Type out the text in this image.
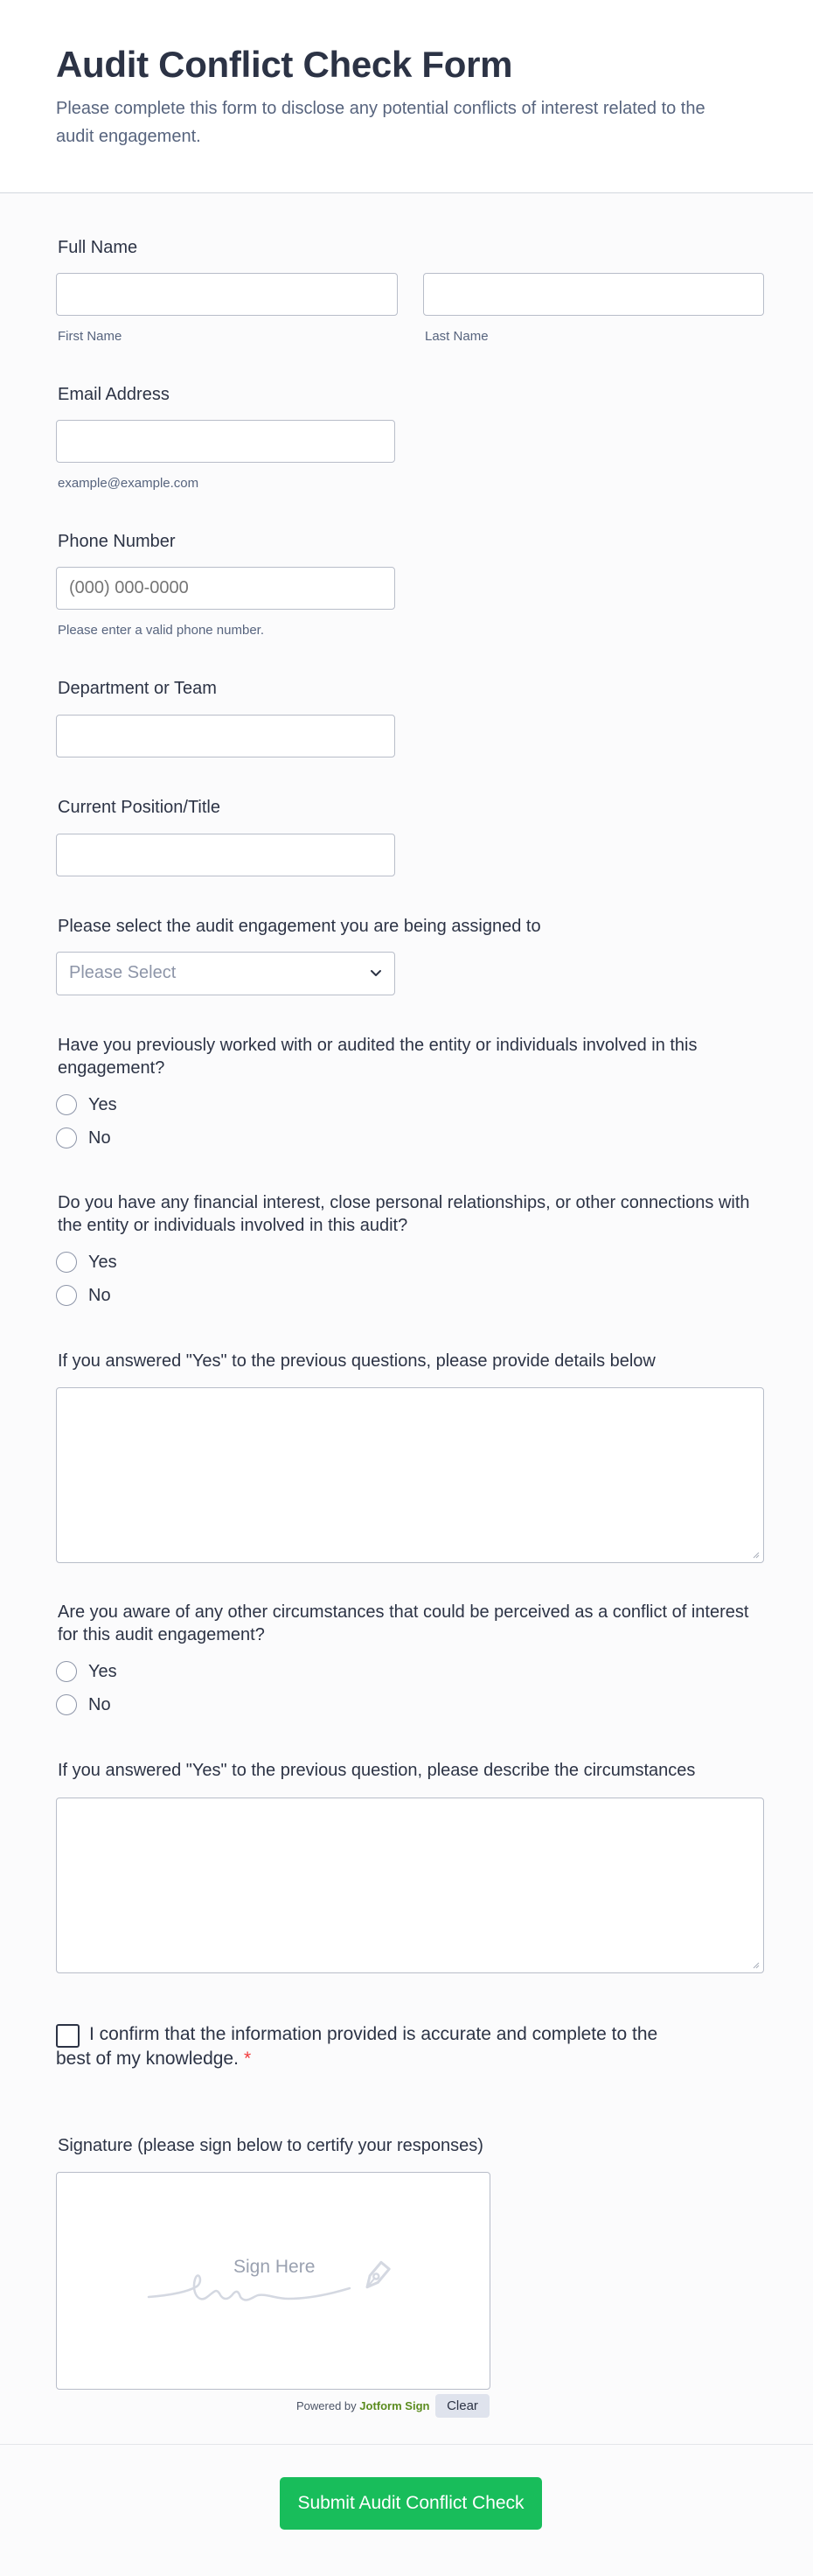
Audit Conflict Check Form

Please complete this form to disclose any potential conflicts of interest related to the audit engagement.

Full Name
First Name	Last Name
Email Address
example@example.com
Phone Number
(000) 000-0000
Please enter a valid phone number.
Department or Team
Current Position/Title
Please select the audit engagement you are being assigned to
Please Select
Have you previously worked with or audited the entity or individuals involved in this engagement?
Yes
No
Do you have any financial interest, close personal relationships, or other connections with the entity or individuals involved in this audit?
Yes
No
If you answered "Yes" to the previous questions, please provide details below
Are you aware of any other circumstances that could be perceived as a conflict of interest for this audit engagement?
Yes
No
If you answered "Yes" to the previous question, please describe the circumstances
I confirm that the information provided is accurate and complete to the best of my knowledge. *
Signature (please sign below to certify your responses)
Sign Here
Powered by Jotform Sign	Clear
Submit Audit Conflict Check
